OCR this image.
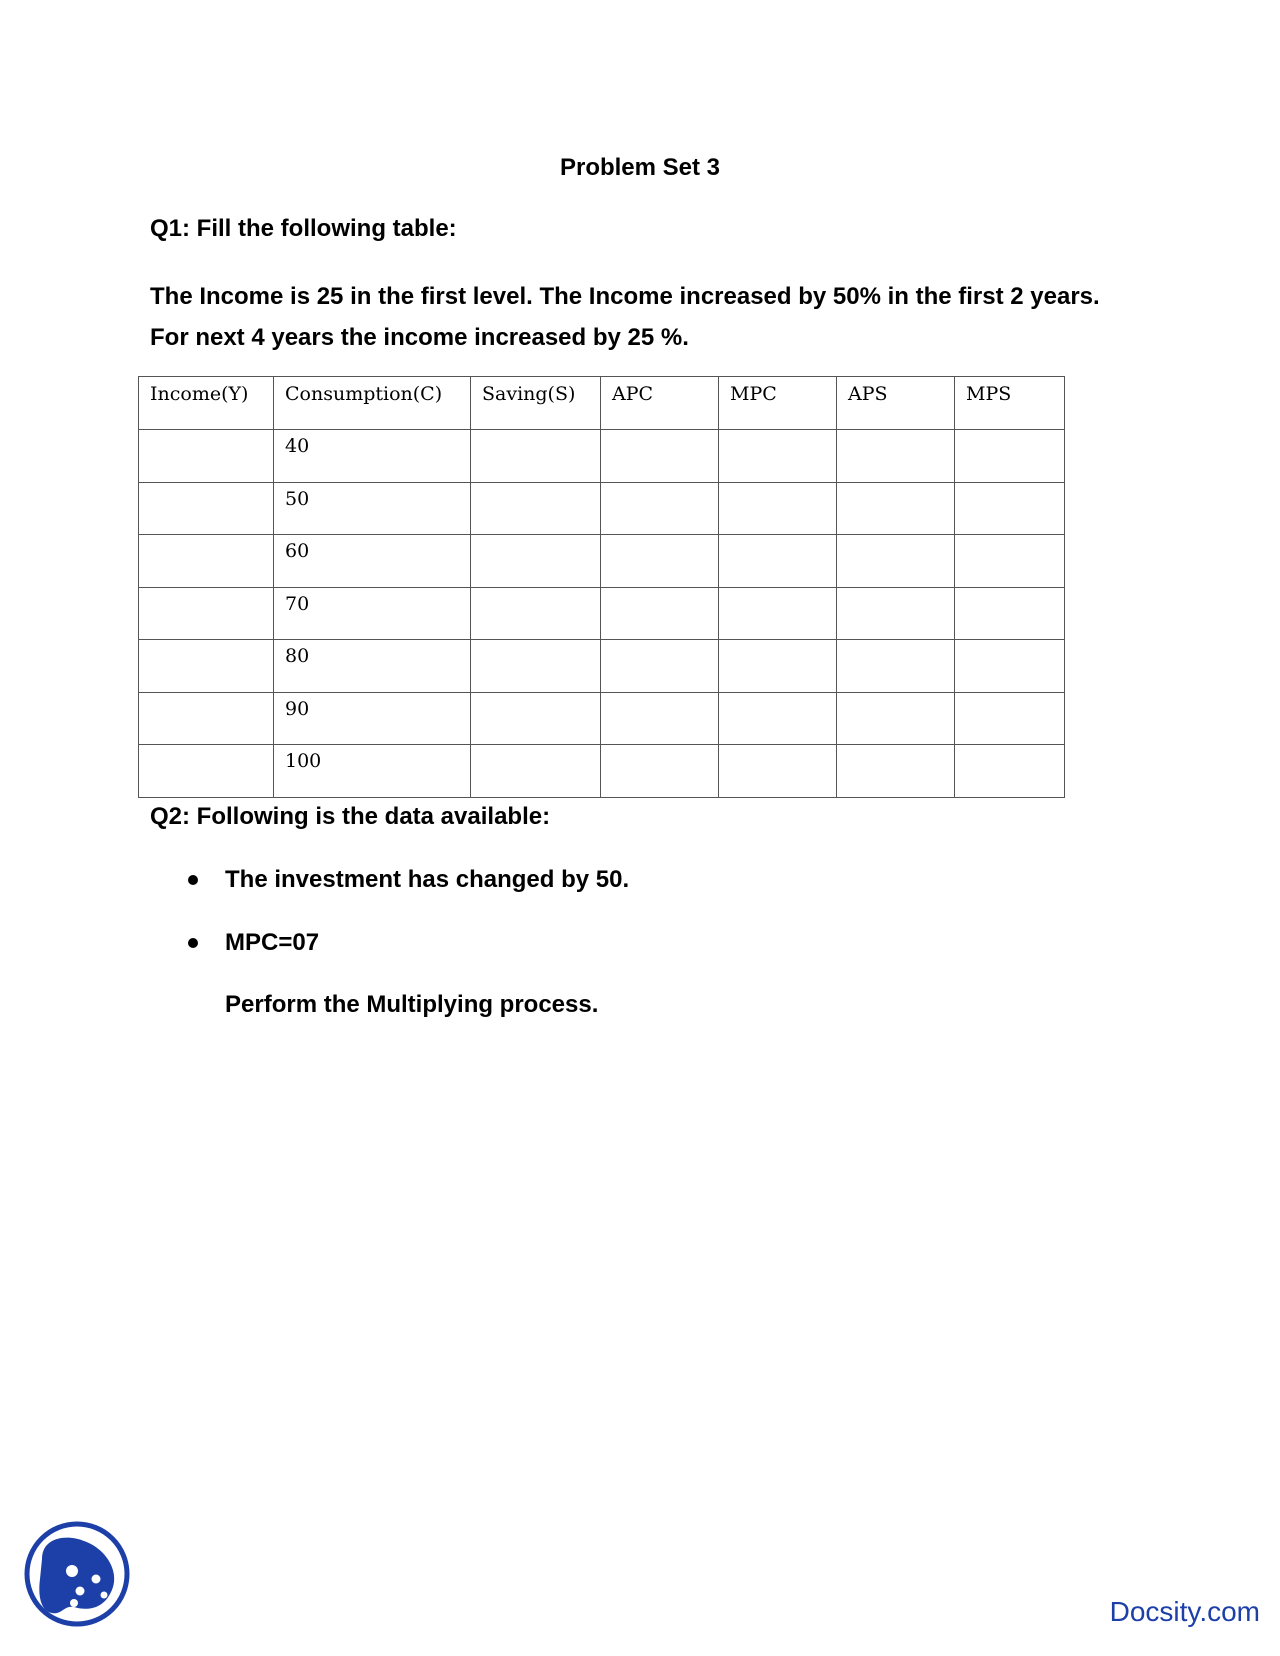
Problem Set 3
Q1: Fill the following table:
The Income is 25 in the first level. The Income increased by 50% in the first 2 years. For next 4 years the income increased by 25 %.
Income(Y)	Consumption(C)	Saving(S)	APC	MPC	APS	MPS
	40					
	50					
	60					
	70					
	80					
	90					
	100					
Q2: Following is the data available:
The investment has changed by 50.
MPC=07
Perform the Multiplying process.
Docsity.com
